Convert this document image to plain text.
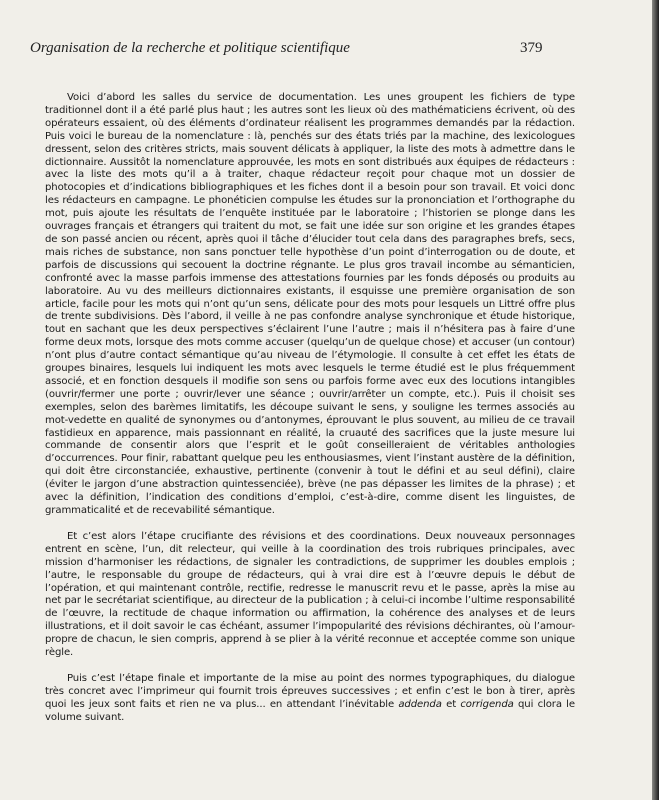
Organisation de la recherche et politique scientifique	379

Voici d’abord les salles du service de documentation. Les unes groupent les fichiers de type traditionnel dont il a été parlé plus haut ; les autres sont les lieux où des mathématiciens écrivent, où des opérateurs essaient, où des éléments d’ordinateur réalisent les programmes demandés par la rédaction. Puis voici le bureau de la nomenclature : là, penchés sur des états triés par la machine, des lexicologues dressent, selon des critères stricts, mais souvent délicats à appliquer, la liste des mots à admettre dans le dictionnaire. Aussitôt la nomenclature approuvée, les mots en sont distribués aux équipes de rédacteurs : avec la liste des mots qu’il a à traiter, chaque rédacteur reçoit pour chaque mot un dossier de photocopies et d’indications bibliographiques et les fiches dont il a besoin pour son travail. Et voici donc les rédacteurs en campagne. Le phonéticien compulse les études sur la prononciation et l’orthographe du mot, puis ajoute les résultats de l’enquête instituée par le laboratoire ; l’historien se plonge dans les ouvrages français et étrangers qui traitent du mot, se fait une idée sur son origine et les grandes étapes de son passé ancien ou récent, après quoi il tâche d’élucider tout cela dans des paragraphes brefs, secs, mais riches de substance, non sans ponctuer telle hypothèse d’un point d’interrogation ou de doute, et parfois de discussions qui secouent la doctrine régnante. Le plus gros travail incombe au sémanticien, confronté avec la masse parfois immense des attestations fournies par les fonds déposés ou produits au laboratoire. Au vu des meilleurs dictionnaires existants, il esquisse une première organisation de son article, facile pour les mots qui n’ont qu’un sens, délicate pour des mots pour lesquels un Littré offre plus de trente subdivisions. Dès l’abord, il veille à ne pas confondre analyse synchronique et étude historique, tout en sachant que les deux perspectives s’éclairent l’une l’autre ; mais il n’hésitera pas à faire d’une forme deux mots, lorsque des mots comme accuser (quelqu’un de quelque chose) et accuser (un contour) n’ont plus d’autre contact sémantique qu’au niveau de l’étymologie. Il consulte à cet effet les états de groupes binaires, lesquels lui indiquent les mots avec lesquels le terme étudié est le plus fréquemment associé, et en fonction desquels il modifie son sens ou parfois forme avec eux des locutions intangibles (ouvrir/fermer une porte ; ouvrir/lever une séance ; ouvrir/arrêter un compte, etc.). Puis il choisit ses exemples, selon des barèmes limitatifs, les découpe suivant le sens, y souligne les termes associés au mot-vedette en qualité de synonymes ou d’antonymes, éprouvant le plus souvent, au milieu de ce travail fastidieux en apparence, mais passionnant en réalité, la cruauté des sacrifices que la juste mesure lui commande de consentir alors que l’esprit et le goût conseilleraient de véritables anthologies d’occurrences. Pour finir, rabattant quelque peu les enthousiasmes, vient l’instant austère de la définition, qui doit être circonstanciée, exhaustive, pertinente (convenir à tout le défini et au seul défini), claire (éviter le jargon d’une abstraction quintessenciée), brève (ne pas dépasser les limites de la phrase) ; et avec la définition, l’indication des conditions d’emploi, c’est-à-dire, comme disent les linguistes, de grammaticalité et de recevabilité sémantique.

Et c’est alors l’étape crucifiante des révisions et des coordinations. Deux nouveaux personnages entrent en scène, l’un, dit relecteur, qui veille à la coordination des trois rubriques principales, avec mission d’harmoniser les rédactions, de signaler les contradictions, de supprimer les doubles emplois ; l’autre, le responsable du groupe de rédacteurs, qui à vrai dire est à l’œuvre depuis le début de l’opération, et qui maintenant contrôle, rectifie, redresse le manuscrit revu et le passe, après la mise au net par le secrétariat scientifique, au directeur de la publication ; à celui-ci incombe l’ultime responsabilité de l’œuvre, la rectitude de chaque information ou affirmation, la cohérence des analyses et de leurs illustrations, et il doit savoir le cas échéant, assumer l’impopularité des révisions déchirantes, où l’amour-propre de chacun, le sien compris, apprend à se plier à la vérité reconnue et acceptée comme son unique règle.

Puis c’est l’étape finale et importante de la mise au point des normes typographiques, du dialogue très concret avec l’imprimeur qui fournit trois épreuves successives ; et enfin c’est le bon à tirer, après quoi les jeux sont faits et rien ne va plus... en attendant l’inévitable addenda et corrigenda qui clora le volume suivant.
